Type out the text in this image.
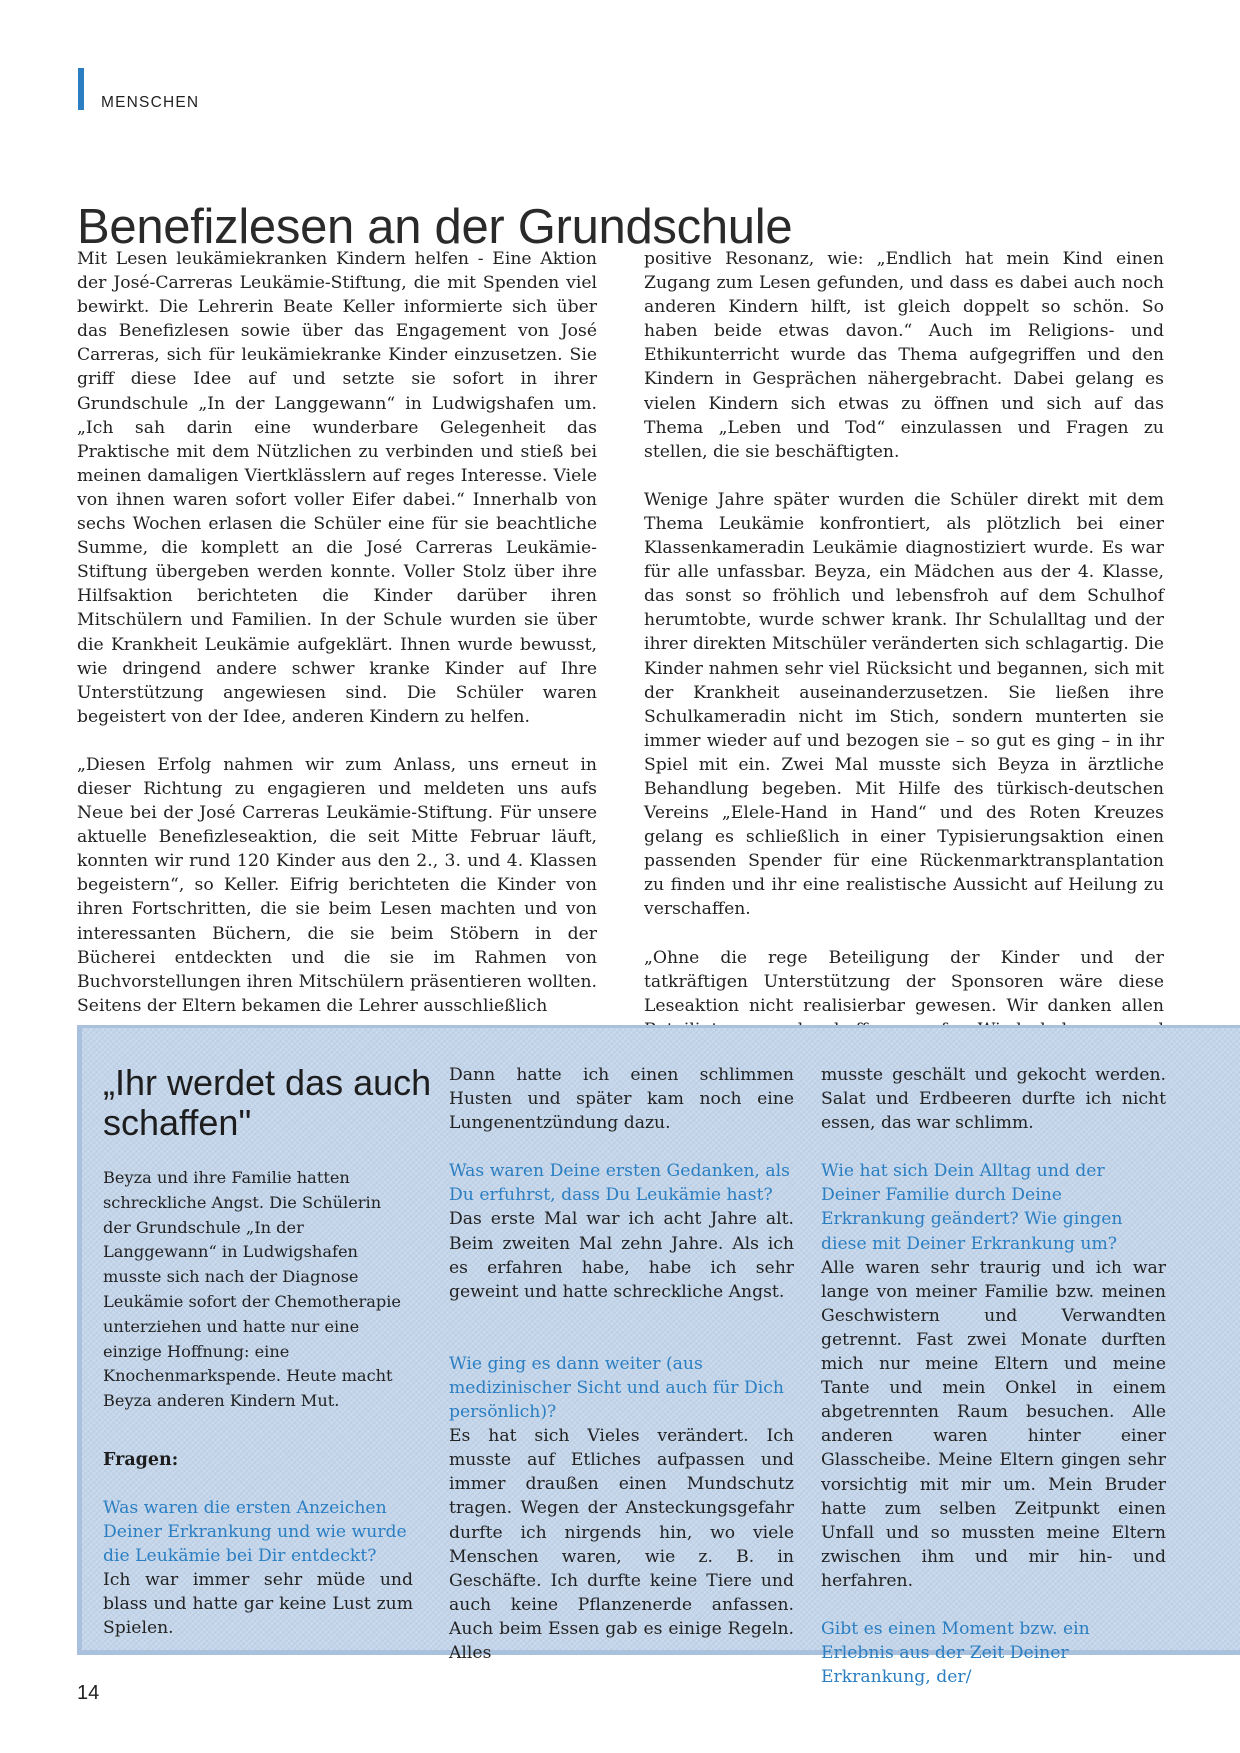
MENSCHEN
Benefizlesen an der Grundschule

Mit Lesen leukämiekranken Kindern helfen - Eine Aktion der José-Carreras Leukämie-Stiftung, die mit Spenden viel bewirkt. Die Lehrerin Beate Keller informierte sich über das Benefizlesen sowie über das Engagement von José Carreras, sich für leukämiekranke Kinder einzusetzen. Sie griff diese Idee auf und setzte sie sofort in ihrer Grundschule „In der Langgewann“ in Ludwigshafen um. „Ich sah darin eine wunderbare Gelegenheit das Praktische mit dem Nützlichen zu verbinden und stieß bei meinen damaligen Viertklässlern auf reges Interesse. Viele von ihnen waren sofort voller Eifer dabei.“ Innerhalb von sechs Wochen erlasen die Schüler eine für sie beachtliche Summe, die komplett an die José Carreras Leukämie-Stiftung übergeben werden konnte. Voller Stolz über ihre Hilfsaktion berichteten die Kinder darüber ihren Mitschülern und Familien. In der Schule wurden sie über die Krankheit Leukämie aufgeklärt. Ihnen wurde bewusst, wie dringend andere schwer kranke Kinder auf Ihre Unterstützung angewiesen sind. Die Schüler waren begeistert von der Idee, anderen Kindern zu helfen.

„Diesen Erfolg nahmen wir zum Anlass, uns erneut in dieser Richtung zu engagieren und meldeten uns aufs Neue bei der José Carreras Leukämie-Stiftung. Für unsere aktuelle Benefizleseaktion, die seit Mitte Februar läuft, konnten wir rund 120 Kinder aus den 2., 3. und 4. Klassen begeistern“, so Keller. Eifrig berichteten die Kinder von ihren Fortschritten, die sie beim Lesen machten und von interessanten Büchern, die sie beim Stöbern in der Bücherei entdeckten und die sie im Rahmen von Buchvorstellungen ihren Mitschülern präsentieren wollten. Seitens der Eltern bekamen die Lehrer ausschließlich

positive Resonanz, wie: „Endlich hat mein Kind einen Zugang zum Lesen gefunden, und dass es dabei auch noch anderen Kindern hilft, ist gleich doppelt so schön. So haben beide etwas davon.“ Auch im Religions- und Ethikunterricht wurde das Thema aufgegriffen und den Kindern in Gesprächen nähergebracht. Dabei gelang es vielen Kindern sich etwas zu öffnen und sich auf das Thema „Leben und Tod“ einzulassen und Fragen zu stellen, die sie beschäftigten.

Wenige Jahre später wurden die Schüler direkt mit dem Thema Leukämie konfrontiert, als plötzlich bei einer Klassenkameradin Leukämie diagnostiziert wurde. Es war für alle unfassbar. Beyza, ein Mädchen aus der 4. Klasse, das sonst so fröhlich und lebensfroh auf dem Schulhof herumtobte, wurde schwer krank. Ihr Schulalltag und der ihrer direkten Mitschüler veränderten sich schlagartig. Die Kinder nahmen sehr viel Rücksicht und begannen, sich mit der Krankheit auseinanderzusetzen. Sie ließen ihre Schulkameradin nicht im Stich, sondern munterten sie immer wieder auf und bezogen sie – so gut es ging – in ihr Spiel mit ein. Zwei Mal musste sich Beyza in ärztliche Behandlung begeben. Mit Hilfe des türkisch-deutschen Vereins „Elele-Hand in Hand“ und des Roten Kreuzes gelang es schließlich in einer Typisierungsaktion einen passenden Spender für eine Rückenmarktransplantation zu finden und ihr eine realistische Aussicht auf Heilung zu verschaffen.

„Ohne die rege Beteiligung der Kinder und der tatkräftigen Unterstützung der Sponsoren wäre diese Leseaktion nicht realisierbar gewesen. Wir danken allen

„Ihr werdet das auch schaffen"
Beyza und ihre Familie hatten schreckliche Angst. Die Schülerin der Grundschule „In der Langgewann“ in Ludwigshafen musste sich nach der Diagnose Leukämie sofort der Chemotherapie unterziehen und hatte nur eine einzige Hoffnung: eine Knochenmarkspende. Heute macht Beyza anderen Kindern Mut.
Fragen:
Was waren die ersten Anzeichen Deiner Erkrankung und wie wurde die Leukämie bei Dir entdeckt?

Ich war immer sehr müde und blass und hatte gar keine Lust zum Spielen.

Dann hatte ich einen schlimmen Husten und später kam noch eine Lungenentzündung dazu.

Was waren Deine ersten Gedanken, als Du erfuhrst, dass Du Leukämie hast?

Das erste Mal war ich acht Jahre alt. Beim zweiten Mal zehn Jahre. Als ich es erfahren habe, habe ich sehr geweint und hatte schreckliche Angst.

Wie ging es dann weiter (aus medizinischer Sicht und auch für Dich persönlich)?

Es hat sich Vieles verändert. Ich musste auf Etliches aufpassen und immer draußen einen Mundschutz tragen. Wegen der Ansteckungsgefahr durfte ich nirgends hin, wo viele Menschen waren, wie z. B. in Geschäfte. Ich durfte keine Tiere und auch keine Pflanzenerde anfassen. Auch beim Essen gab es einige Regeln. Alles

musste geschält und gekocht werden. Salat und Erdbeeren durfte ich nicht essen, das war schlimm.

Wie hat sich Dein Alltag und der Deiner Familie durch Deine Erkrankung geändert? Wie gingen diese mit Deiner Erkrankung um?

Alle waren sehr traurig und ich war lange von meiner Familie bzw. meinen Geschwistern und Verwandten getrennt. Fast zwei Monate durften mich nur meine Eltern und meine Tante und mein Onkel in einem abgetrennten Raum besuchen. Alle anderen waren hinter einer Glasscheibe. Meine Eltern gingen sehr vorsichtig mit mir um. Mein Bruder hatte zum selben Zeitpunkt einen Unfall und so mussten meine Eltern zwischen ihm und mir hin- und herfahren.

Gibt es einen Moment bzw. ein Erlebnis aus der Zeit Deiner Erkrankung, der/
14
